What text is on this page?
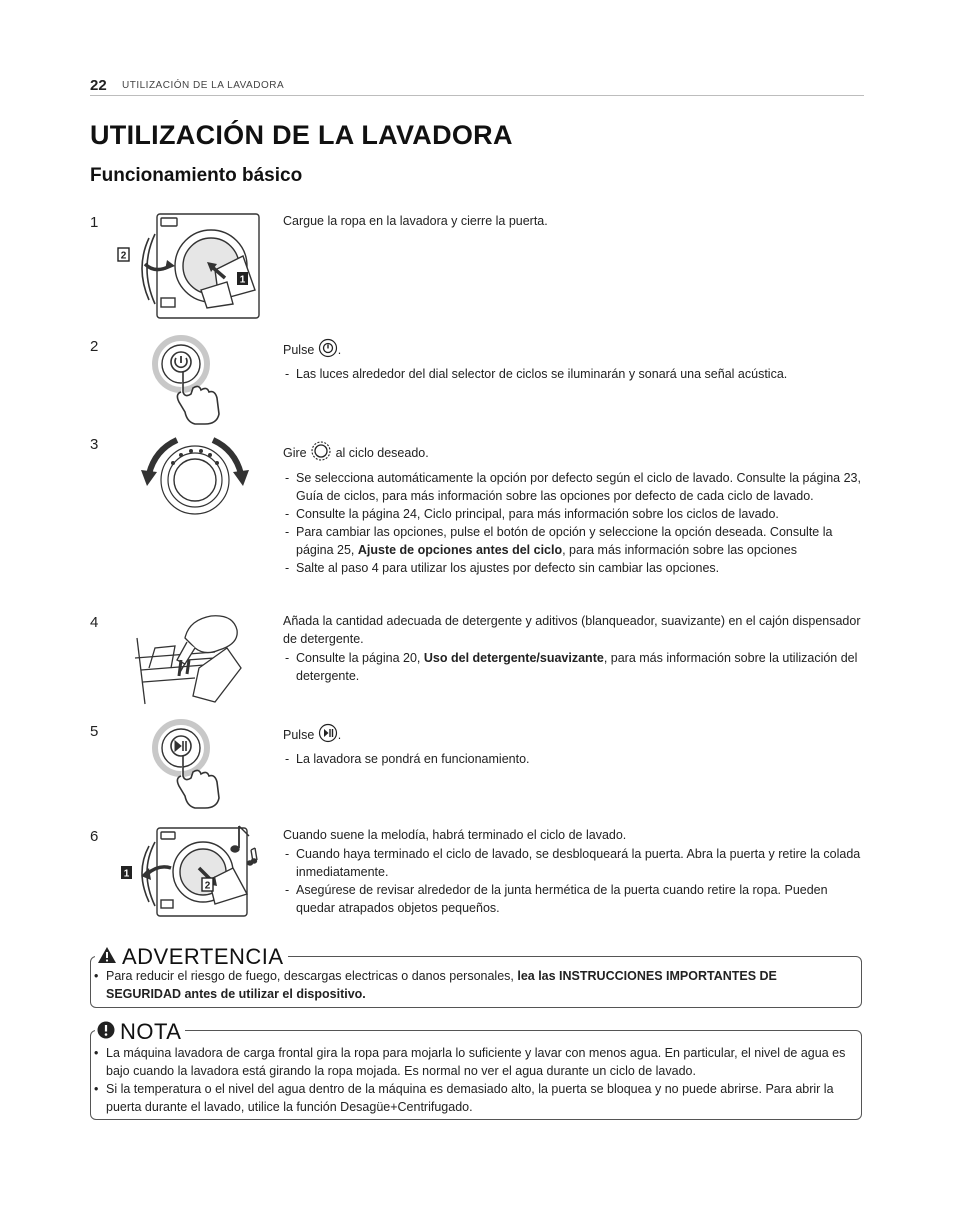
22 UTILIZACIÓN DE LA LAVADORA
UTILIZACIÓN DE LA LAVADORA
Funcionamiento básico
1
2
1

Cargue la ropa en la lavadora y cierre la puerta.

2	Pulse .

- Las luces alrededor del dial selector de ciclos se iluminarán y sonará una señal acústica.
3	Gire al ciclo deseado.

- Se selecciona automáticamente la opción por defecto según el ciclo de lavado. Consulte la página 23, Guía de ciclos, para más información sobre las opciones por defecto de cada ciclo de lavado.
- Consulte la página 24, Ciclo principal, para más información sobre los ciclos de lavado.
- Para cambiar las opciones, pulse el botón de opción y seleccione la opción deseada. Consulte la página 25, Ajuste de opciones antes del ciclo, para más información sobre las opciones
- Salte al paso 4 para utilizar los ajustes por defecto sin cambiar las opciones.
4	Añada la cantidad adecuada de detergente y aditivos (blanqueador, suavizante) en el cajón dispensador de detergente.

- Consulte la página 20, Uso del detergente/suavizante, para más información sobre la utilización del detergente.
5	Pulse .

- La lavadora se pondrá en funcionamiento.
6
1
2

Cuando suene la melodía, habrá terminado el ciclo de lavado.

- Cuando haya terminado el ciclo de lavado, se desbloqueará la puerta. Abra la puerta y retire la colada inmediatamente.
- Asegúrese de revisar alrededor de la junta hermética de la puerta cuando retire la ropa. Pueden quedar atrapados objetos pequeños.
ADVERTENCIA
• Para reducir el riesgo de fuego, descargas electricas o danos personales, lea las INSTRUCCIONES IMPORTANTES DE SEGURIDAD antes de utilizar el dispositivo.
NOTA
• La máquina lavadora de carga frontal gira la ropa para mojarla lo suficiente y lavar con menos agua. En particular, el nivel de agua es bajo cuando la lavadora está girando la ropa mojada. Es normal no ver el agua durante un ciclo de lavado.
• Si la temperatura o el nivel del agua dentro de la máquina es demasiado alto, la puerta se bloquea y no puede abrirse. Para abrir la puerta durante el lavado, utilice la función Desagüe+Centrifugado.
